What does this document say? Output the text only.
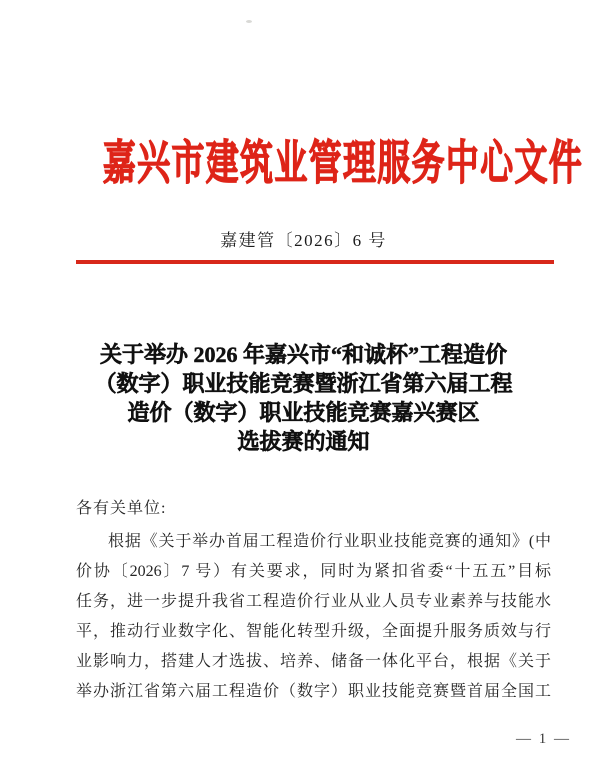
嘉兴市建筑业管理服务中心文件
嘉建管〔2026〕6 号
关于举办 2026 年嘉兴市“和诚杯”工程造价
（数字）职业技能竞赛暨浙江省第六届工程
造价（数字）职业技能竞赛嘉兴赛区
选拔赛的通知
各有关单位:
根据《关于举办首届工程造价行业职业技能竞赛的通知》(中
价协〔2026〕7 号）有关要求，同时为紧扣省委“十五五”目标
任务，进一步提升我省工程造价行业从业人员专业素养与技能水
平，推动行业数字化、智能化转型升级，全面提升服务质效与行
业影响力，搭建人才选拔、培养、储备一体化平台，根据《关于
举办浙江省第六届工程造价（数字）职业技能竞赛暨首届全国工
— 1 —
